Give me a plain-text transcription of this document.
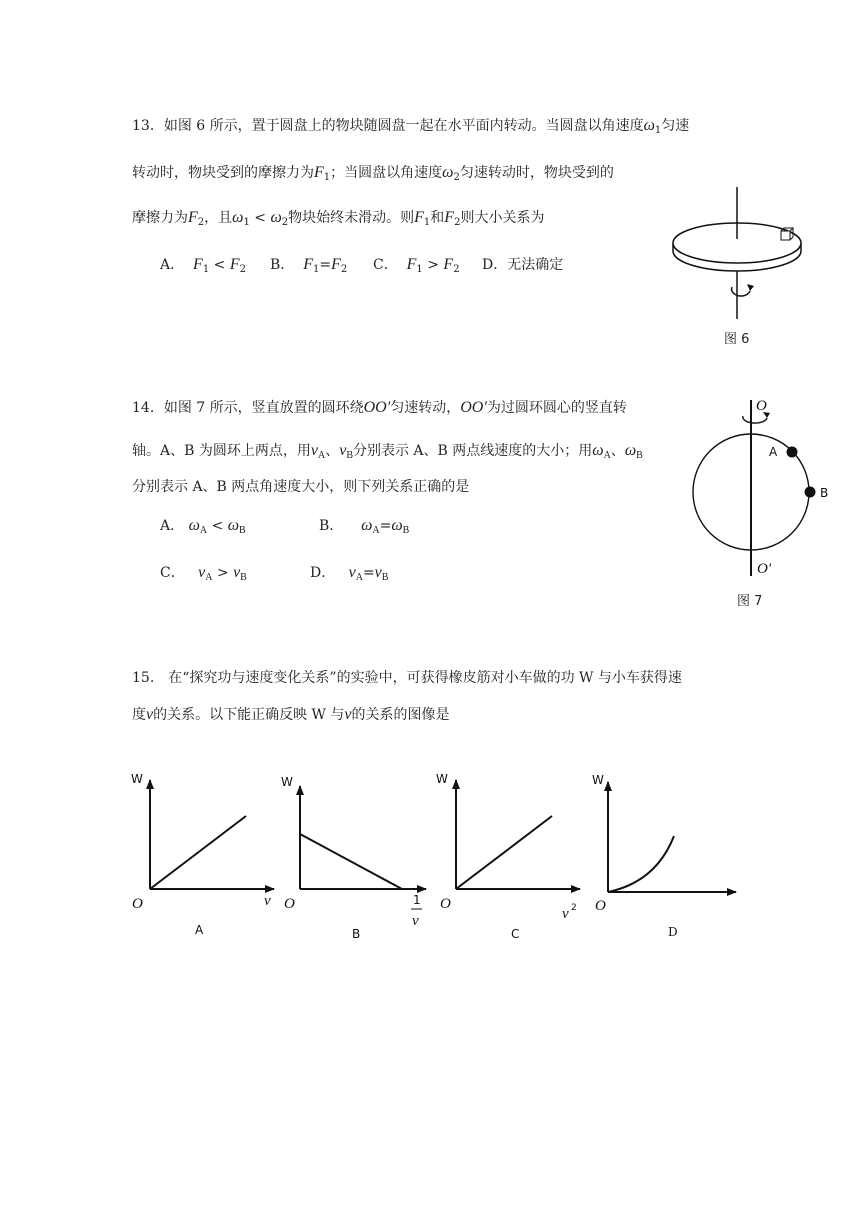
13．如图 6 所示，置于圆盘上的物块随圆盘一起在水平面内转动。当圆盘以角速度$\omega_1$匀速
转动时，物块受到的摩擦力为$F_1$；当圆盘以角速度$\omega_2$匀速转动时，物块受到的
摩擦力为$F_2$，且$\omega_1 < \omega_2$物块始终未滑动。则$F_1$和$F_2$则大小关系为
A． $F_1 < F_2$ B． $F_1=F_2$ C． $F_1 > F_2$ D．无法确定
图 6
14．如图 7 所示，竖直放置的圆环绕OO′匀速转动，OO′为过圆环圆心的竖直转
轴。A、B 为圆环上两点，用$v_A$、$v_B$分别表示 A、B 两点线速度的大小；用$\omega_A$、$\omega_B$
分别表示 A、B 两点角速度大小，则下列关系正确的是
A． $\omega_A < \omega_B$	B． $\omega_A=\omega_B$
C． $v_A > v_B$	D． $v_A=v_B$
O
A
B
O′
图 7
15.　在“探究功与速度变化关系”的实验中，可获得橡皮筋对小车做的功 W 与小车获得速
度v的关系。以下能正确反映 W 与v的关系的图像是
W
O	v
A
W
O	1
v
B
W
O
v 2
C
W
O
D
